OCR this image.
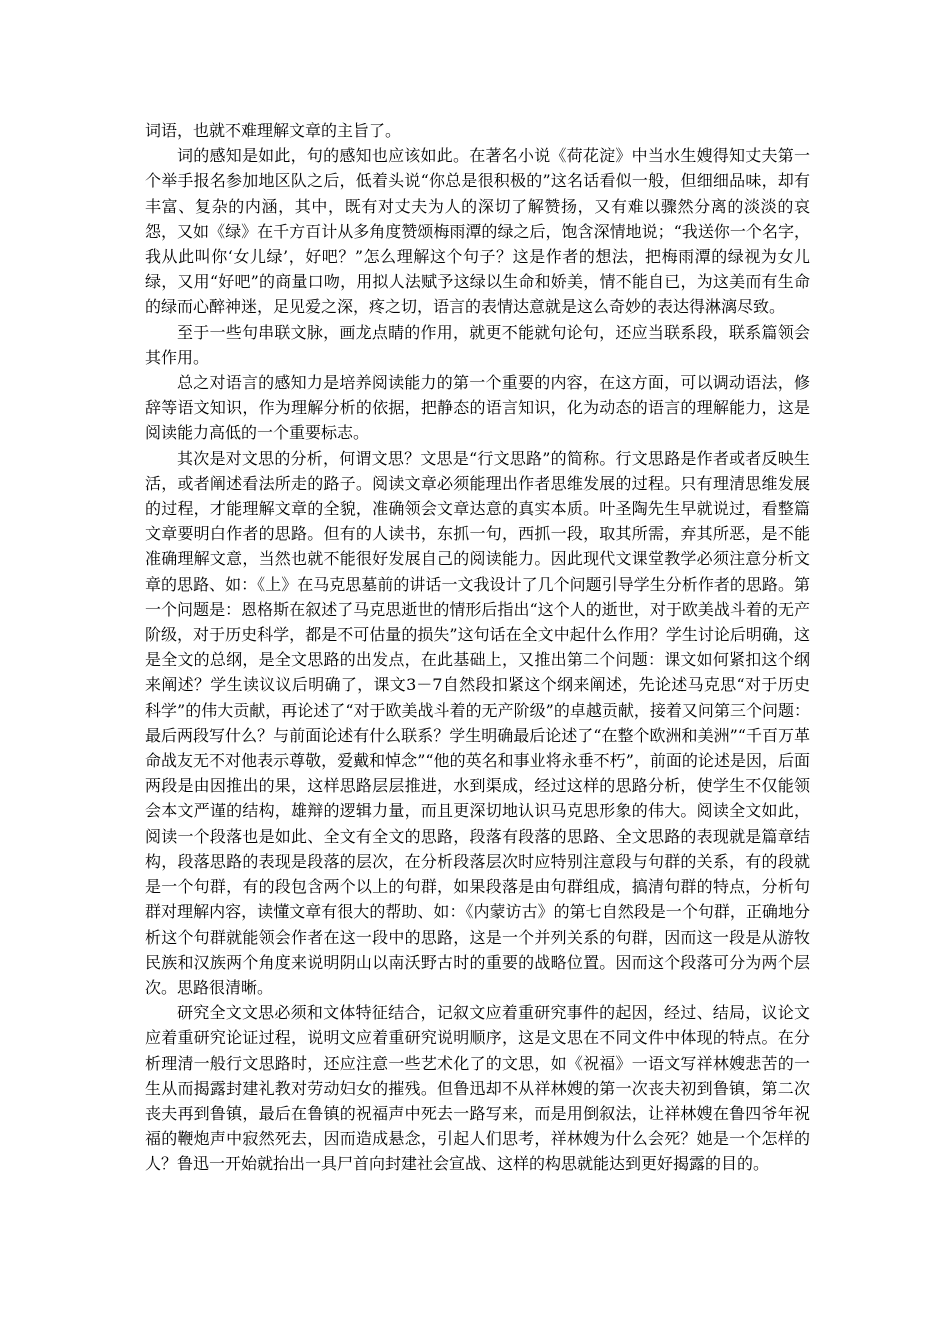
词语，也就不难理解文章的主旨了。

词的感知是如此，句的感知也应该如此。在著名小说《荷花淀》中当水生嫂得知丈夫第一个举手报名参加地区队之后，低着头说“你总是很积极的”这名话看似一般，但细细品味，却有丰富、复杂的内涵，其中，既有对丈夫为人的深切了解赞扬，又有难以骤然分离的淡淡的哀怨，又如《绿》在千方百计从多角度赞颂梅雨潭的绿之后，饱含深情地说；“我送你一个名字，我从此叫你‘女儿绿’，好吧？”怎么理解这个句子？这是作者的想法，把梅雨潭的绿视为女儿绿，又用“好吧”的商量口吻，用拟人法赋予这绿以生命和娇美，情不能自已，为这美而有生命的绿而心醉神迷，足见爱之深，疼之切，语言的表情达意就是这么奇妙的表达得淋漓尽致。

至于一些句串联文脉，画龙点睛的作用，就更不能就句论句，还应当联系段，联系篇领会其作用。

总之对语言的感知力是培养阅读能力的第一个重要的内容，在这方面，可以调动语法，修辞等语文知识，作为理解分析的依据，把静态的语言知识，化为动态的语言的理解能力，这是阅读能力高低的一个重要标志。

其次是对文思的分析，何谓文思？文思是“行文思路”的简称。行文思路是作者或者反映生活，或者阐述看法所走的路子。阅读文章必须能理出作者思维发展的过程。只有理清思维发展的过程，才能理解文章的全貌，准确领会文章达意的真实本质。叶圣陶先生早就说过，看整篇文章要明白作者的思路。但有的人读书，东抓一句，西抓一段，取其所需，弃其所恶，是不能准确理解文意，当然也就不能很好发展自己的阅读能力。因此现代文课堂教学必须注意分析文章的思路、如：《上》在马克思墓前的讲话一文我设计了几个问题引导学生分析作者的思路。第一个问题是：恩格斯在叙述了马克思逝世的情形后指出“这个人的逝世，对于欧美战斗着的无产阶级，对于历史科学，都是不可估量的损失”这句话在全文中起什么作用？学生讨论后明确，这是全文的总纲，是全文思路的出发点，在此基础上，又推出第二个问题：课文如何紧扣这个纲来阐述？学生读议议后明确了，课文3－7自然段扣紧这个纲来阐述，先论述马克思“对于历史科学”的伟大贡献，再论述了“对于欧美战斗着的无产阶级”的卓越贡献，接着又问第三个问题：最后两段写什么？与前面论述有什么联系？学生明确最后论述了“在整个欧洲和美洲”“千百万革命战友无不对他表示尊敬，爱戴和悼念”“他的英名和事业将永垂不朽”，前面的论述是因，后面两段是由因推出的果，这样思路层层推进，水到渠成，经过这样的思路分析，使学生不仅能领会本文严谨的结构，雄辩的逻辑力量，而且更深切地认识马克思形象的伟大。阅读全文如此，阅读一个段落也是如此、全文有全文的思路，段落有段落的思路、全文思路的表现就是篇章结构，段落思路的表现是段落的层次，在分析段落层次时应特别注意段与句群的关系，有的段就是一个句群，有的段包含两个以上的句群，如果段落是由句群组成，搞清句群的特点，分析句群对理解内容，读懂文章有很大的帮助、如：《内蒙访古》的第七自然段是一个句群，正确地分析这个句群就能领会作者在这一段中的思路，这是一个并列关系的句群，因而这一段是从游牧民族和汉族两个角度来说明阴山以南沃野古时的重要的战略位置。因而这个段落可分为两个层次。思路很清晰。

研究全文文思必须和文体特征结合，记叙文应着重研究事件的起因，经过、结局，议论文应着重研究论证过程，说明文应着重研究说明顺序，这是文思在不同文件中体现的特点。在分析理清一般行文思路时，还应注意一些艺术化了的文思，如《祝福》一语文写祥林嫂悲苦的一生从而揭露封建礼教对劳动妇女的摧残。但鲁迅却不从祥林嫂的第一次丧夫初到鲁镇，第二次丧夫再到鲁镇，最后在鲁镇的祝福声中死去一路写来，而是用倒叙法，让祥林嫂在鲁四爷年祝福的鞭炮声中寂然死去，因而造成悬念，引起人们思考，祥林嫂为什么会死？她是一个怎样的人？鲁迅一开始就抬出一具尸首向封建社会宣战、这样的构思就能达到更好揭露的目的。
